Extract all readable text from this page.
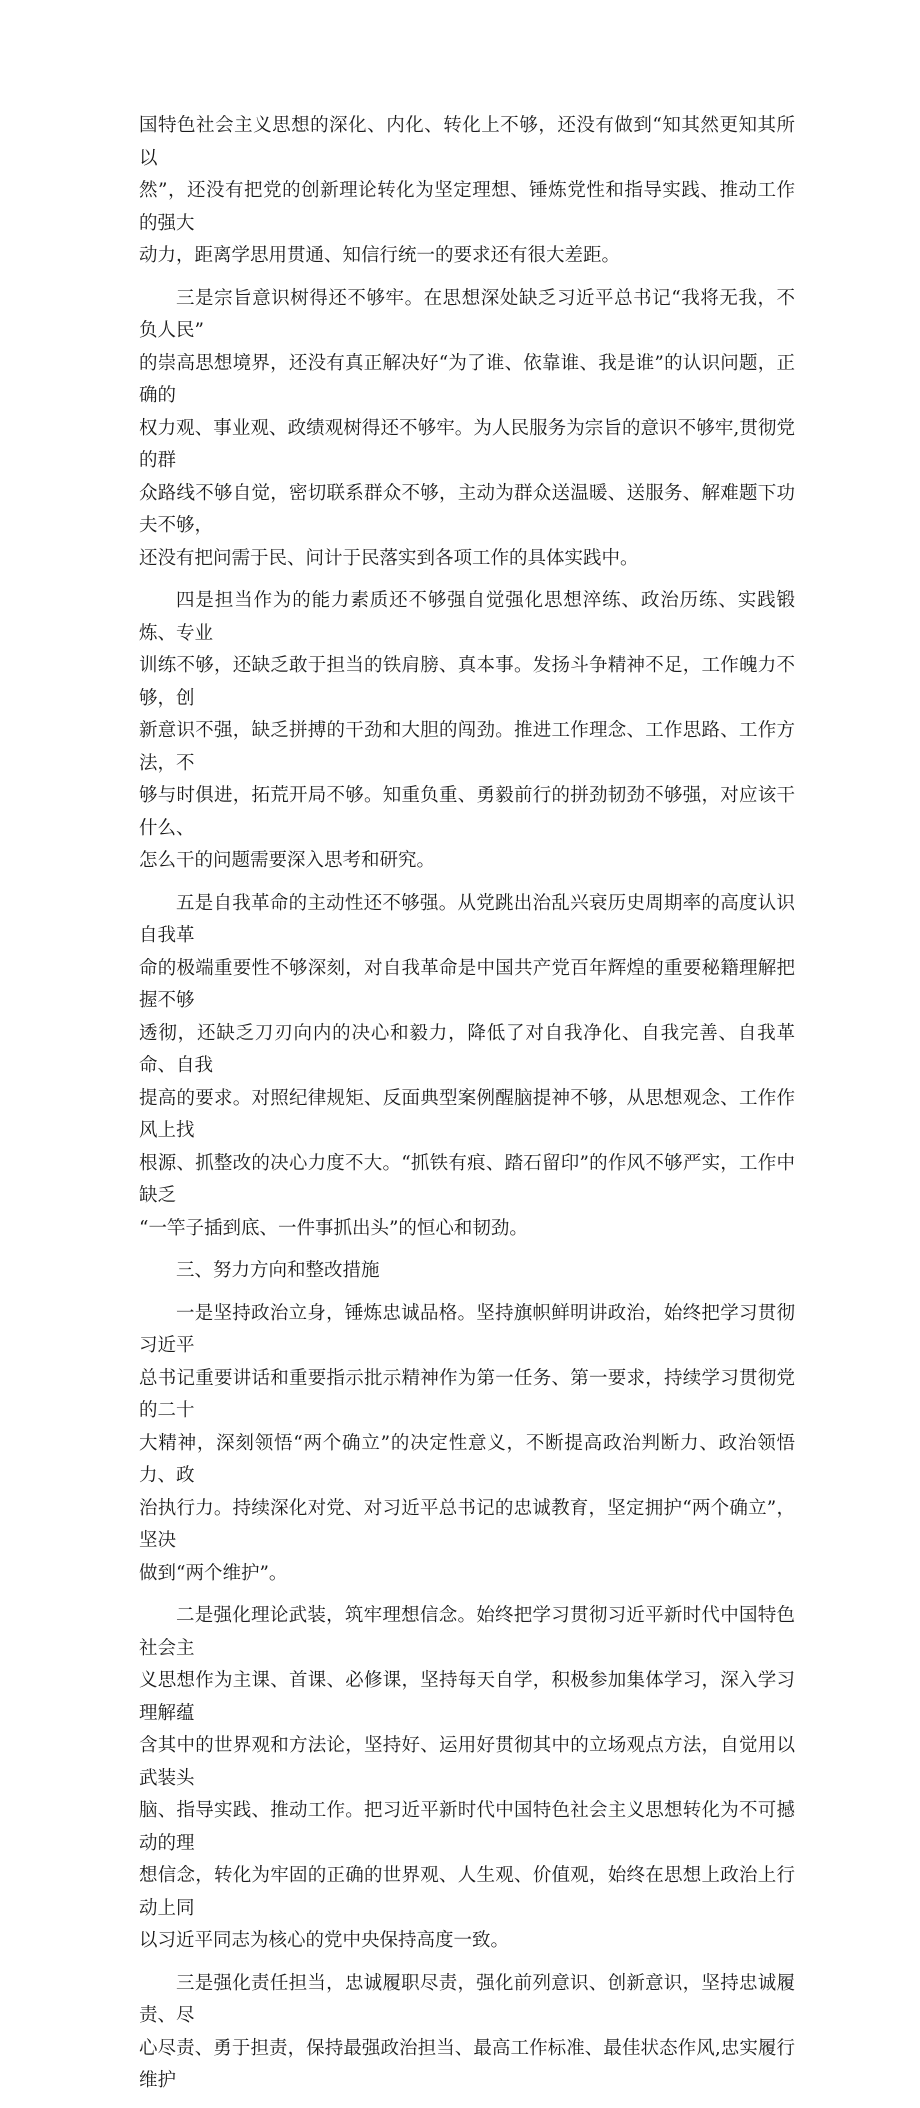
国特色社会主义思想的深化、内化、转化上不够，还没有做到“知其然更知其所以
然”，还没有把党的创新理论转化为坚定理想、锤炼党性和指导实践、推动工作的强大
动力，距离学思用贯通、知信行统一的要求还有很大差距。
三是宗旨意识树得还不够牢。在思想深处缺乏习近平总书记“我将无我，不负人民”
的崇高思想境界，还没有真正解决好“为了谁、依靠谁、我是谁”的认识问题，正确的
权力观、事业观、政绩观树得还不够牢。为人民服务为宗旨的意识不够牢,贯彻党的群
众路线不够自觉，密切联系群众不够，主动为群众送温暖、送服务、解难题下功夫不够，
还没有把问需于民、问计于民落实到各项工作的具体实践中。
四是担当作为的能力素质还不够强自觉强化思想淬练、政治历练、实践锻炼、专业
训练不够，还缺乏敢于担当的铁肩膀、真本事。发扬斗争精神不足，工作魄力不够，创
新意识不强，缺乏拼搏的干劲和大胆的闯劲。推进工作理念、工作思路、工作方法，不
够与时俱进，拓荒开局不够。知重负重、勇毅前行的拼劲韧劲不够强，对应该干什么、
怎么干的问题需要深入思考和研究。
五是自我革命的主动性还不够强。从党跳出治乱兴衰历史周期率的高度认识自我革
命的极端重要性不够深刻，对自我革命是中国共产党百年辉煌的重要秘籍理解把握不够
透彻，还缺乏刀刃向内的决心和毅力，降低了对自我净化、自我完善、自我革命、自我
提高的要求。对照纪律规矩、反面典型案例醒脑提神不够，从思想观念、工作作风上找
根源、抓整改的决心力度不大。“抓铁有痕、踏石留印”的作风不够严实，工作中缺乏
“一竿子插到底、一件事抓出头”的恒心和韧劲。
三、努力方向和整改措施
一是坚持政治立身，锤炼忠诚品格。坚持旗帜鲜明讲政治，始终把学习贯彻习近平
总书记重要讲话和重要指示批示精神作为第一任务、第一要求，持续学习贯彻党的二十
大精神，深刻领悟“两个确立”的决定性意义，不断提高政治判断力、政治领悟力、政
治执行力。持续深化对党、对习近平总书记的忠诚教育，坚定拥护“两个确立”，坚决
做到“两个维护”。
二是强化理论武装，筑牢理想信念。始终把学习贯彻习近平新时代中国特色社会主
义思想作为主课、首课、必修课，坚持每天自学，积极参加集体学习，深入学习理解蕴
含其中的世界观和方法论，坚持好、运用好贯彻其中的立场观点方法，自觉用以武装头
脑、指导实践、推动工作。把习近平新时代中国特色社会主义思想转化为不可撼动的理
想信念，转化为牢固的正确的世界观、人生观、价值观，始终在思想上政治上行动上同
以习近平同志为核心的党中央保持高度一致。
三是强化责任担当，忠诚履职尽责，强化前列意识、创新意识，坚持忠诚履责、尽
心尽责、勇于担责，保持最强政治担当、最高工作标准、最佳状态作风,忠实履行维护
